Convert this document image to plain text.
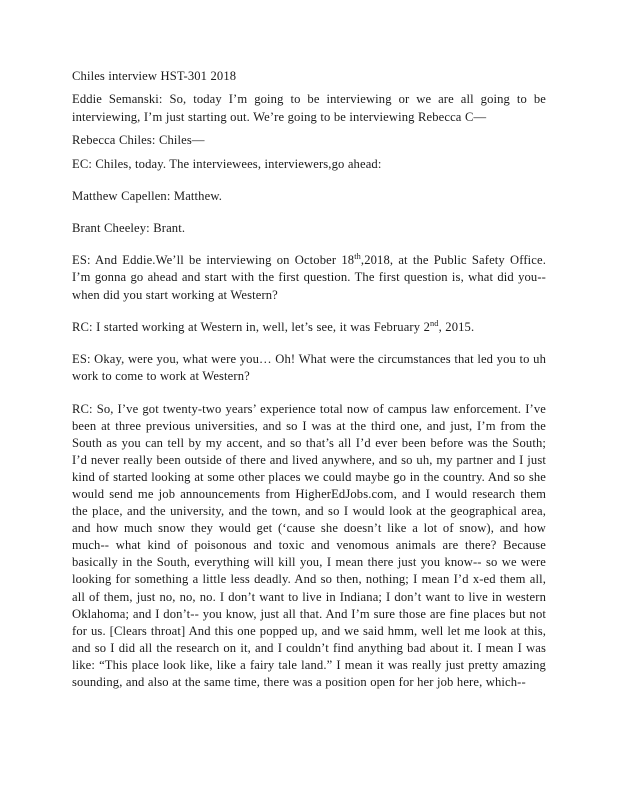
Chiles interview HST-301 2018

Eddie Semanski: So, today I’m going to be interviewing or we are all going to be interviewing, I’m just starting out. We’re going to be interviewing Rebecca C—

Rebecca Chiles: Chiles—

EC: Chiles, today. The interviewees, interviewers,go ahead:

Matthew Capellen: Matthew.

Brant Cheeley: Brant.

ES: And Eddie.We’ll be interviewing on October 18th,2018, at the Public Safety Office. I’m gonna go ahead and start with the first question. The first question is, what did you--when did you start working at Western?

RC: I started working at Western in, well, let’s see, it was February 2nd, 2015.

ES: Okay, were you, what were you… Oh! What were the circumstances that led you to uh work to come to work at Western?

RC: So, I’ve got twenty-two years’ experience total now of campus law enforcement. I’ve been at three previous universities, and so I was at the third one, and just, I’m from the South as you can tell by my accent, and so that’s all I’d ever been before was the South; I’d never really been outside of there and lived anywhere, and so uh, my partner and I just kind of started looking at some other places we could maybe go in the country. And so she would send me job announcements from HigherEdJobs.com, and I would research them the place, and the university, and the town, and so I would look at the geographical area, and how much snow they would get (‘cause she doesn’t like a lot of snow), and how much-- what kind of poisonous and toxic and venomous animals are there? Because basically in the South, everything will kill you, I mean there just you know-- so we were looking for something a little less deadly. And so then, nothing; I mean I’d x-ed them all, all of them, just no, no, no. I don’t want to live in Indiana; I don’t want to live in western Oklahoma; and I don’t-- you know, just all that. And I’m sure those are fine places but not for us. [Clears throat] And this one popped up, and we said hmm, well let me look at this, and so I did all the research on it, and I couldn’t find anything bad about it. I mean I was like: “This place look like, like a fairy tale land.” I mean it was really just pretty amazing sounding, and also at the same time, there was a position open for her job here, which--
